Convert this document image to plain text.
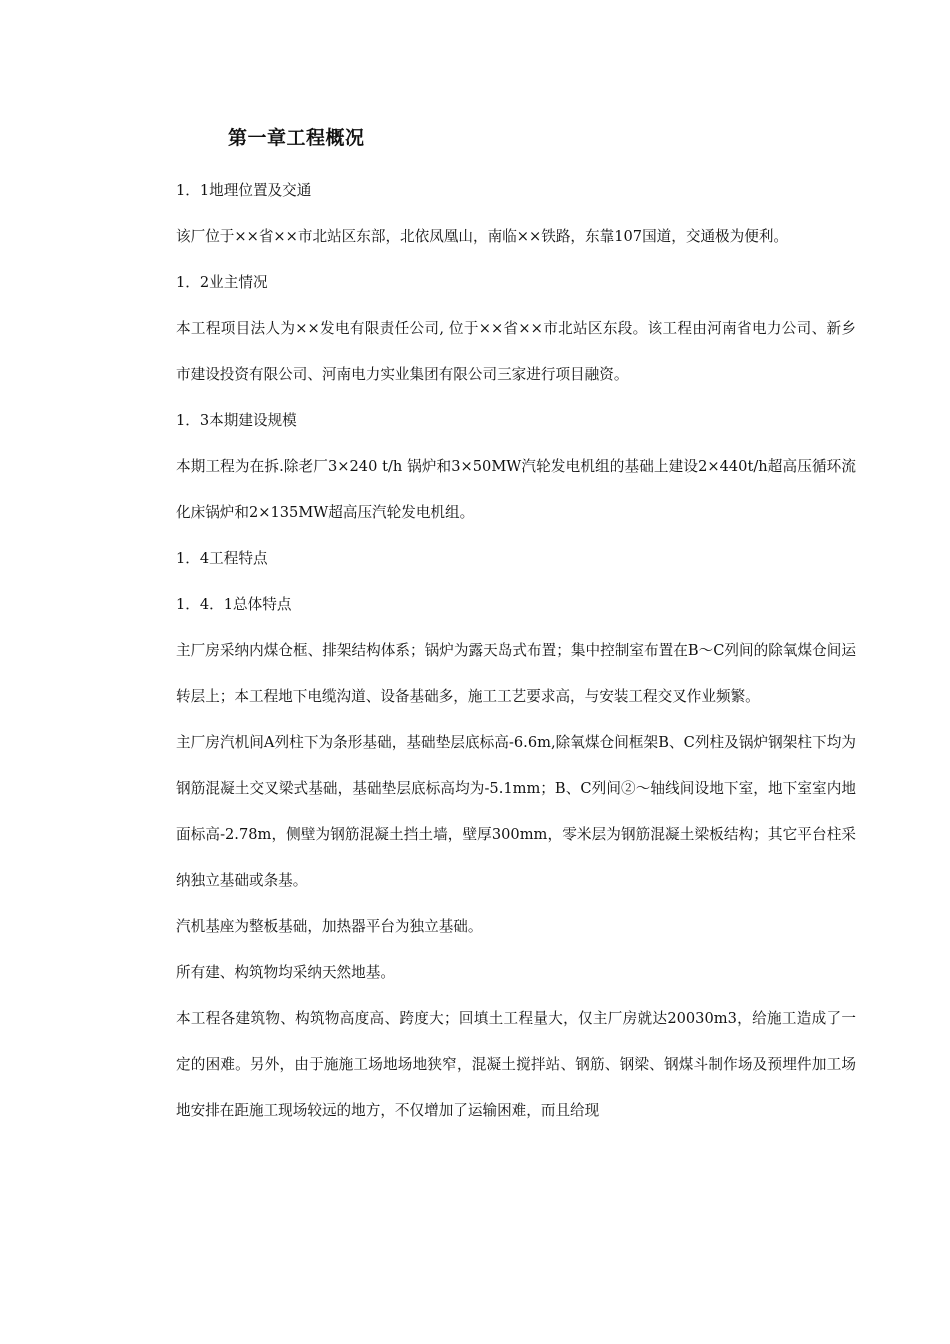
第一章工程概况

1．1地理位置及交通

该厂位于××省××市北站区东部，北依凤凰山，南临××铁路，东靠107国道，交通极为便利。

1．2业主情况

本工程项目法人为××发电有限责任公司, 位于××省××市北站区东段。该工程由河南省电力公司、新乡市建设投资有限公司、河南电力实业集团有限公司三家进行项目融资。

1．3本期建设规模

本期工程为在拆.除老厂3×240 t/h 锅炉和3×50MW汽轮发电机组的基础上建设2×440t/h超高压循环流化床锅炉和2×135MW超高压汽轮发电机组。

1．4工程特点

1．4．1总体特点

主厂房采纳内煤仓框、排架结构体系；锅炉为露天岛式布置；集中控制室布置在B～C列间的除氧煤仓间运转层上；本工程地下电缆沟道、设备基础多，施工工艺要求高，与安装工程交叉作业频繁。

主厂房汽机间A列柱下为条形基础，基础垫层底标高-6.6m,除氧煤仓间框架B、C列柱及锅炉钢架柱下均为钢筋混凝土交叉梁式基础，基础垫层底标高均为-5.1mm；B、C列间②～轴线间设地下室，地下室室内地面标高-2.78m，侧壁为钢筋混凝土挡土墙，壁厚300mm，零米层为钢筋混凝土梁板结构；其它平台柱采纳独立基础或条基。

汽机基座为整板基础，加热器平台为独立基础。

所有建、构筑物均采纳天然地基。

本工程各建筑物、构筑物高度高、跨度大；回填土工程量大，仅主厂房就达20030m3，给施工造成了一定的困难。另外，由于施施工场地场地狭窄，混凝土搅拌站、钢筋、钢梁、钢煤斗制作场及预埋件加工场地安排在距施工现场较远的地方，不仅增加了运输困难，而且给现
